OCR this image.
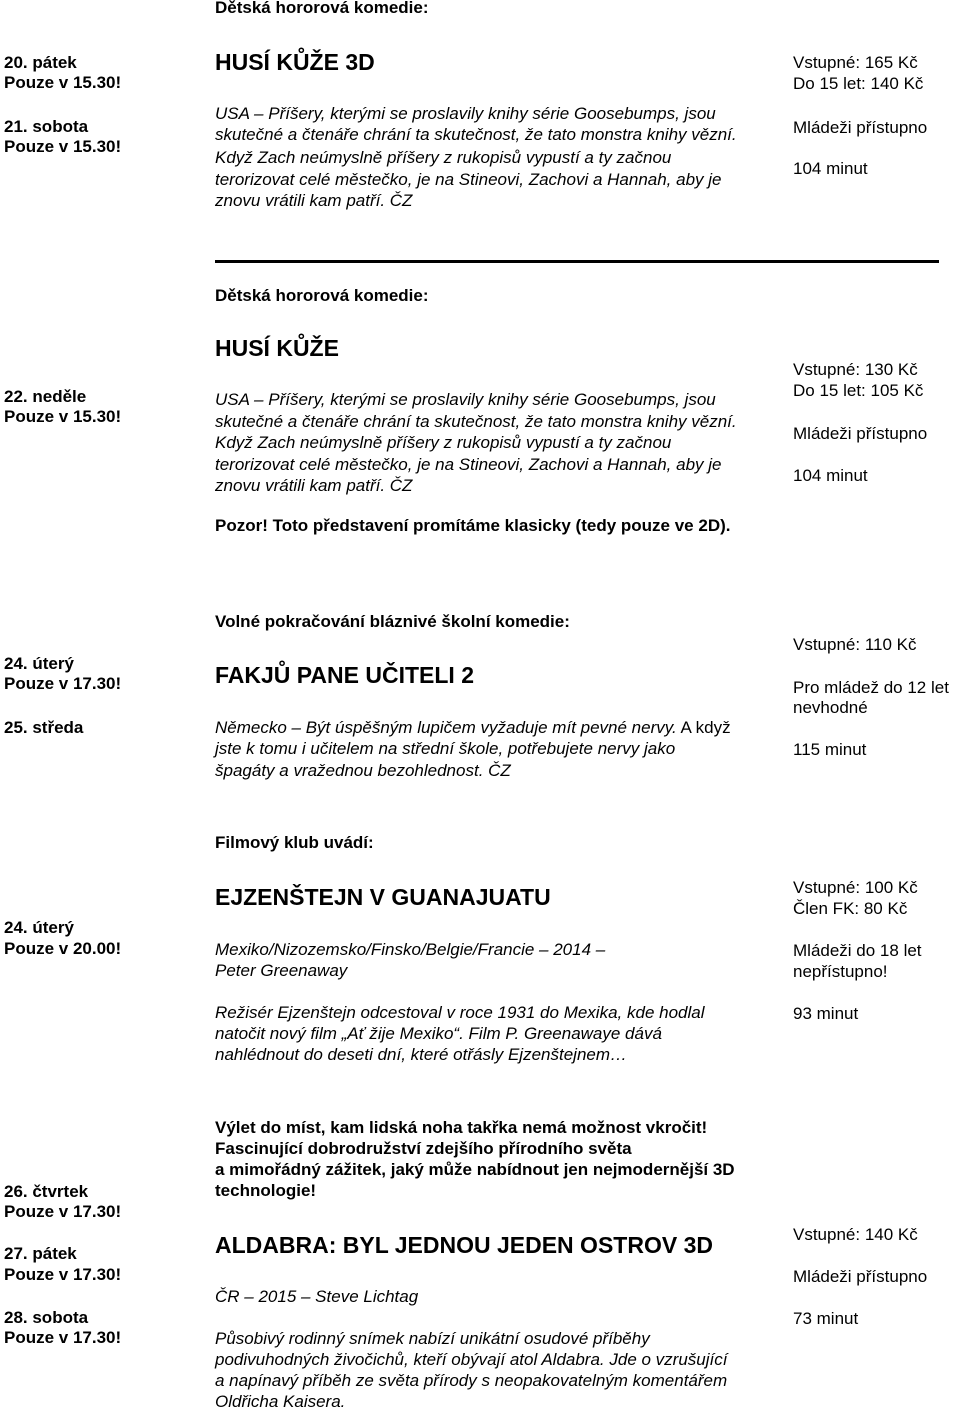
Dětská hororová komedie:
20. pátek
Pouze v 15.30!
21. sobota
Pouze v 15.30!
HUSÍ KŮŽE 3D
USA – Příšery, kterými se proslavily knihy série Goosebumps, jsou
skutečné a čtenáře chrání ta skutečnost, že tato monstra knihy vězní.
Když Zach neúmyslně příšery z rukopisů vypustí a ty začnou
terorizovat celé městečko, je na Stineovi, Zachovi a Hannah, aby je
znovu vrátili kam patří. ČZ
Vstupné: 165 Kč
Do 15 let: 140 Kč
Mládeži přístupno
104 minut
Dětská hororová komedie:
22. neděle
Pouze v 15.30!
HUSÍ KŮŽE
USA – Příšery, kterými se proslavily knihy série Goosebumps, jsou
skutečné a čtenáře chrání ta skutečnost, že tato monstra knihy vězní.
Když Zach neúmyslně příšery z rukopisů vypustí a ty začnou
terorizovat celé městečko, je na Stineovi, Zachovi a Hannah, aby je
znovu vrátili kam patří. ČZ
Pozor! Toto představení promítáme klasicky (tedy pouze ve 2D).
Vstupné: 130 Kč
Do 15 let: 105 Kč
Mládeži přístupno
104 minut
Volné pokračování bláznivé školní komedie:
24. úterý
Pouze v 17.30!
25. středa
FAKJŮ PANE UČITELI 2
Německo – Být úspěšným lupičem vyžaduje mít pevné nervy. A když
jste k tomu i učitelem na střední škole, potřebujete nervy jako
špagáty a vražednou bezohlednost. ČZ
Vstupné: 110 Kč
Pro mládež do 12 let
nevhodné
115 minut
Filmový klub uvádí:
24. úterý
Pouze v 20.00!
EJZENŠTEJN V GUANAJUATU
Mexiko/Nizozemsko/Finsko/Belgie/Francie – 2014 –
Peter Greenaway
Režisér Ejzenštejn odcestoval v roce 1931 do Mexika, kde hodlal
natočit nový film „Ať žije Mexiko“. Film P. Greenawaye dává
nahlédnout do deseti dní, které otřásly Ejzenštejnem…
Vstupné: 100 Kč
Člen FK: 80 Kč
Mládeži do 18 let
nepřístupno!
93 minut
Výlet do míst, kam lidská noha takřka nemá možnost vkročit!
Fascinující dobrodružství zdejšího přírodního světa
a mimořádný zážitek, jaký může nabídnout jen nejmodernější 3D
technologie!
26. čtvrtek
Pouze v 17.30!
27. pátek
Pouze v 17.30!
28. sobota
Pouze v 17.30!
ALDABRA: BYL JEDNOU JEDEN OSTROV 3D
ČR – 2015 – Steve Lichtag
Působivý rodinný snímek nabízí unikátní osudové příběhy
podivuhodných živočichů, kteří obývají atol Aldabra. Jde o vzrušující
a napínavý příběh ze světa přírody s neopakovatelným komentářem
Oldřicha Kaisera.
Vstupné: 140 Kč
Mládeži přístupno
73 minut
